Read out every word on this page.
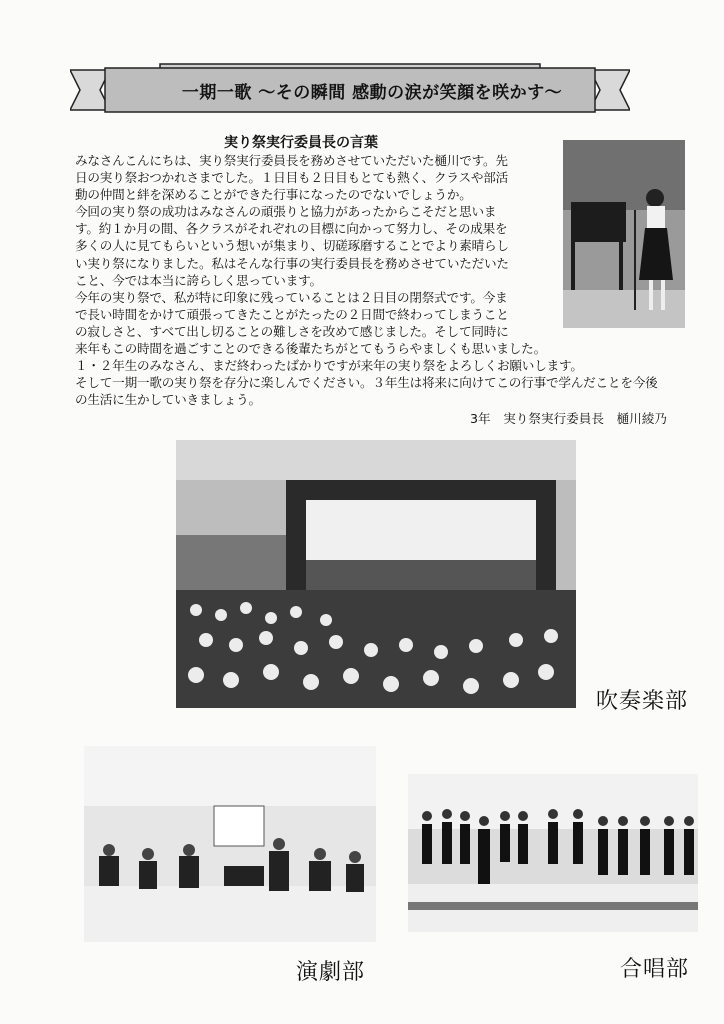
一期一歌 ～その瞬間 感動の涙が笑顔を咲かす～
実り祭実行委員長の言葉

みなさんこんにちは、実り祭実行委員長を務めさせていただいた樋川です。先

日の実り祭おつかれさまでした。１日目も２日目もとても熱く、クラスや部活

動の仲間と絆を深めることができた行事になったのでないでしょうか。

今回の実り祭の成功はみなさんの頑張りと協力があったからこそだと思いま

す。約１か月の間、各クラスがそれぞれの目標に向かって努力し、その成果を

多くの人に見てもらいという想いが集まり、切磋琢磨することでより素晴らし

い実り祭になりました。私はそんな行事の実行委員長を務めさせていただいた

こと、今では本当に誇らしく思っています。

今年の実り祭で、私が特に印象に残っていることは２日目の閉祭式です。今ま

で長い時間をかけて頑張ってきたことがたったの２日間で終わってしまうこと

の寂しさと、すべて出し切ることの難しさを改めて感じました。そして同時に

来年もこの時間を過ごすことのできる後輩たちがとてもうらやましくも思いました。

１・２年生のみなさん、まだ終わったばかりですが来年の実り祭をよろしくお願いします。

そして一期一歌の実り祭を存分に楽しんでください。３年生は将来に向けてこの行事で学んだことを今後

の生活に生かしていきましょう。

3年　実り祭実行委員長　樋川綾乃
吹奏楽部
演劇部	合唱部
